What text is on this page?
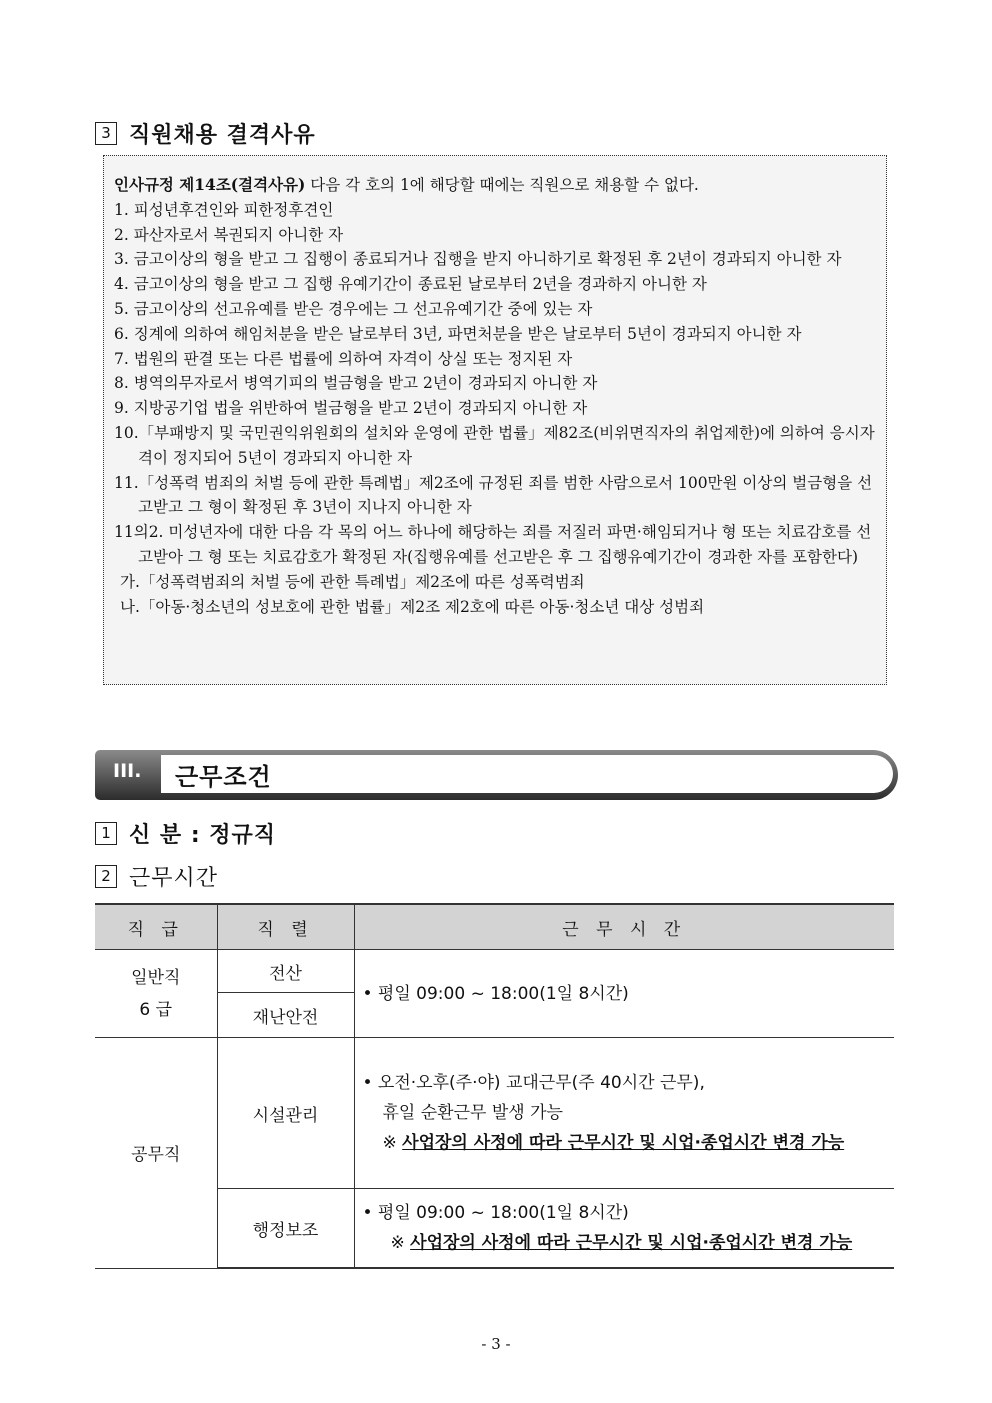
3 직원채용 결격사유
인사규정 제14조(결격사유) 다음 각 호의 1에 해당할 때에는 직원으로 채용할 수 없다.
1. 피성년후견인와 피한정후견인
2. 파산자로서 복권되지 아니한 자
3. 금고이상의 형을 받고 그 집행이 종료되거나 집행을 받지 아니하기로 확정된 후 2년이 경과되지 아니한 자
4. 금고이상의 형을 받고 그 집행 유예기간이 종료된 날로부터 2년을 경과하지 아니한 자
5. 금고이상의 선고유예를 받은 경우에는 그 선고유예기간 중에 있는 자
6. 징계에 의하여 해임처분을 받은 날로부터 3년, 파면처분을 받은 날로부터 5년이 경과되지 아니한 자
7. 법원의 판결 또는 다른 법률에 의하여 자격이 상실 또는 정지된 자
8. 병역의무자로서 병역기피의 벌금형을 받고 2년이 경과되지 아니한 자
9. 지방공기업 법을 위반하여 벌금형을 받고 2년이 경과되지 아니한 자
10.「부패방지 및 국민권익위원회의 설치와 운영에 관한 법률」제82조(비위면직자의 취업제한)에 의하여 응시자격이 정지되어 5년이 경과되지 아니한 자
11.「성폭력 범죄의 처벌 등에 관한 특례법」제2조에 규정된 죄를 범한 사람으로서 100만원 이상의 벌금형을 선고받고 그 형이 확정된 후 3년이 지나지 아니한 자
11의2. 미성년자에 대한 다음 각 목의 어느 하나에 해당하는 죄를 저질러 파면·해임되거나 형 또는 치료감호를 선고받아 그 형 또는 치료감호가 확정된 자(집행유예를 선고받은 후 그 집행유예기간이 경과한 자를 포함한다)
가.「성폭력범죄의 처벌 등에 관한 특례법」제2조에 따른 성폭력범죄
나.「아동·청소년의 성보호에 관한 법률」제2조 제2호에 따른 아동·청소년 대상 성범죄
III. 근무조건
1 신 분 : 정규직
2 근무시간
직 급	직 렬	근 무 시 간

일반직
6 급	전산	• 평일 09:00 ~ 18:00(1일 8시간)
	재난안전	
공무직	시설관리	• 오전·오후(주·야) 교대근무(주 40시간 근무),
휴일 순환근무 발생 가능
※ 사업장의 사정에 따라 근무시간 및 시업·종업시간 변경 가능

	행정보조	• 평일 09:00 ~ 18:00(1일 8시간)
※ 사업장의 사정에 따라 근무시간 및 시업·종업시간 변경 가능
- 3 -
